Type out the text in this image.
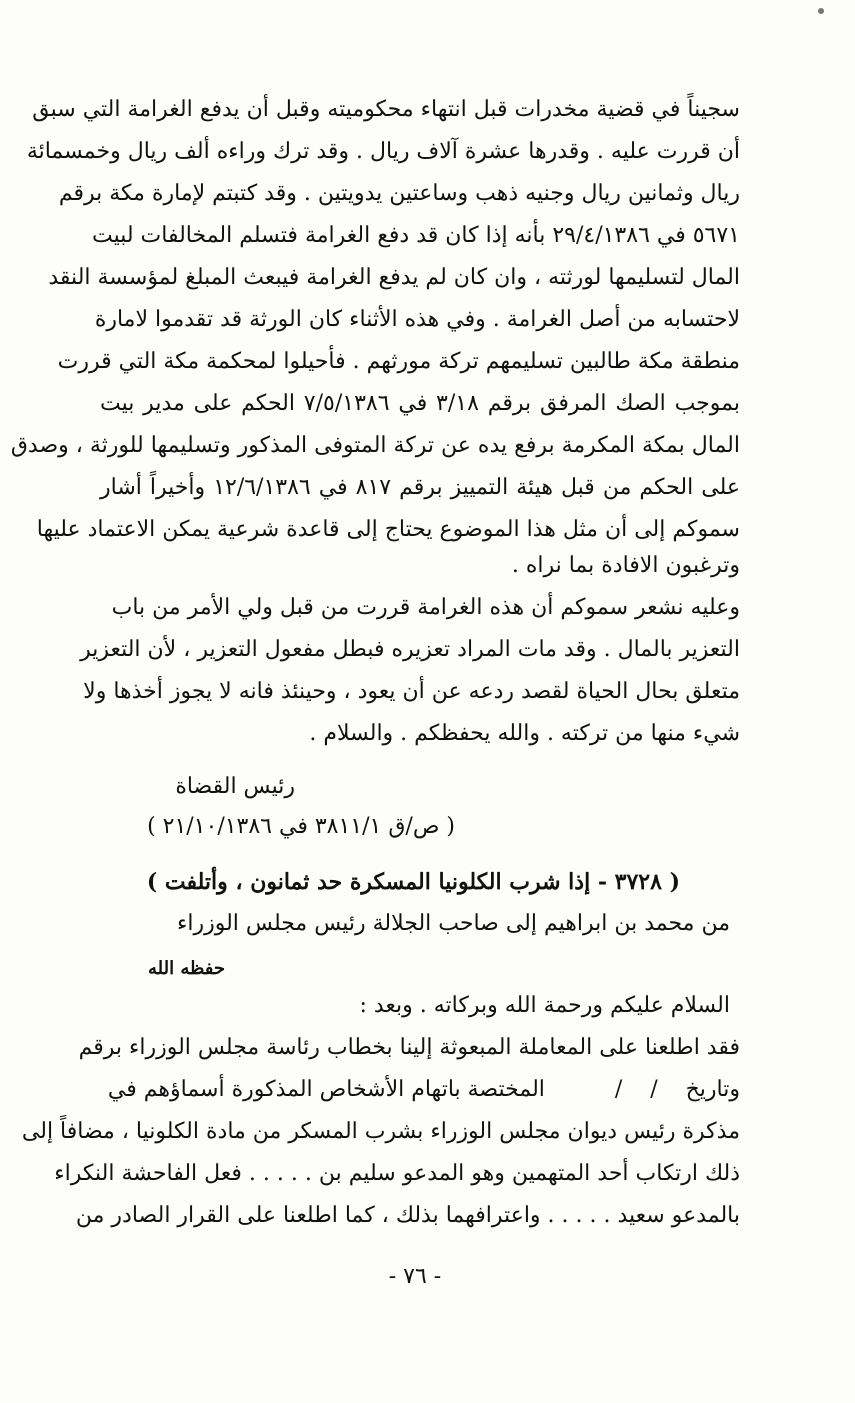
سجيناً في قضية مخدرات قبل انتهاء محكوميته وقبل أن يدفع الغرامة التي سبق
أن قررت عليه . وقدرها عشرة آلاف ريال . وقد ترك وراءه ألف ريال وخمسمائة
ريال وثمانين ريال وجنيه ذهب وساعتين يدويتين . وقد كتبتم لإمارة مكة برقم
٥٦٧١ في ٢٩/٤/١٣٨٦ بأنه إذا كان قد دفع الغرامة فتسلم المخالفات لبيت
المال لتسليمها لورثته ، وان كان لم يدفع الغرامة فيبعث المبلغ لمؤسسة النقد
لاحتسابه من أصل الغرامة . وفي هذه الأثناء كان الورثة قد تقدموا لامارة
منطقة مكة طالبين تسليمهم تركة مورثهم . فأحيلوا لمحكمة مكة التي قررت
بموجب الصك المرفق برقم ٣/١٨ في ٧/٥/١٣٨٦ الحكم على مدير بيت
المال بمكة المكرمة برفع يده عن تركة المتوفى المذكور وتسليمها للورثة ، وصدق
على الحكم من قبل هيئة التمييز برقم ٨١٧ في ١٢/٦/١٣٨٦ وأخيراً أشار
سموكم إلى أن مثل هذا الموضوع يحتاج إلى قاعدة شرعية يمكن الاعتماد عليها
وترغبون الافادة بما نراه .
وعليه نشعر سموكم أن هذه الغرامة قررت من قبل ولي الأمر من باب
التعزير بالمال . وقد مات المراد تعزيره فبطل مفعول التعزير ، لأن التعزير
متعلق بحال الحياة لقصد ردعه عن أن يعود ، وحينئذ فانه لا يجوز أخذها ولا
شيء منها من تركته . والله يحفظكم . والسلام .
رئيس القضاة
( ص/ق ٣٨١١/١ في ٢١/١٠/١٣٨٦ )
( ٣٧٢٨ - إذا شرب الكلونيا المسكرة حد ثمانون ، وأتلفت )
من محمد بن ابراهيم إلى صاحب الجلالة رئيس مجلس الوزراء
حفظه الله
السلام عليكم ورحمة الله وبركاته . وبعد :
فقد اطلعنا على المعاملة المبعوثة إلينا بخطاب رئاسة مجلس الوزراء برقم
وتاريخ    /    /          المختصة باتهام الأشخاص المذكورة أسماؤهم في
مذكرة رئيس ديوان مجلس الوزراء بشرب المسكر من مادة الكلونيا ، مضافاً إلى
ذلك ارتكاب أحد المتهمين وهو المدعو سليم بن . . . . . فعل الفاحشة النكراء
بالمدعو سعيد . . . . . واعترافهما بذلك ، كما اطلعنا على القرار الصادر من
- ٧٦ -
